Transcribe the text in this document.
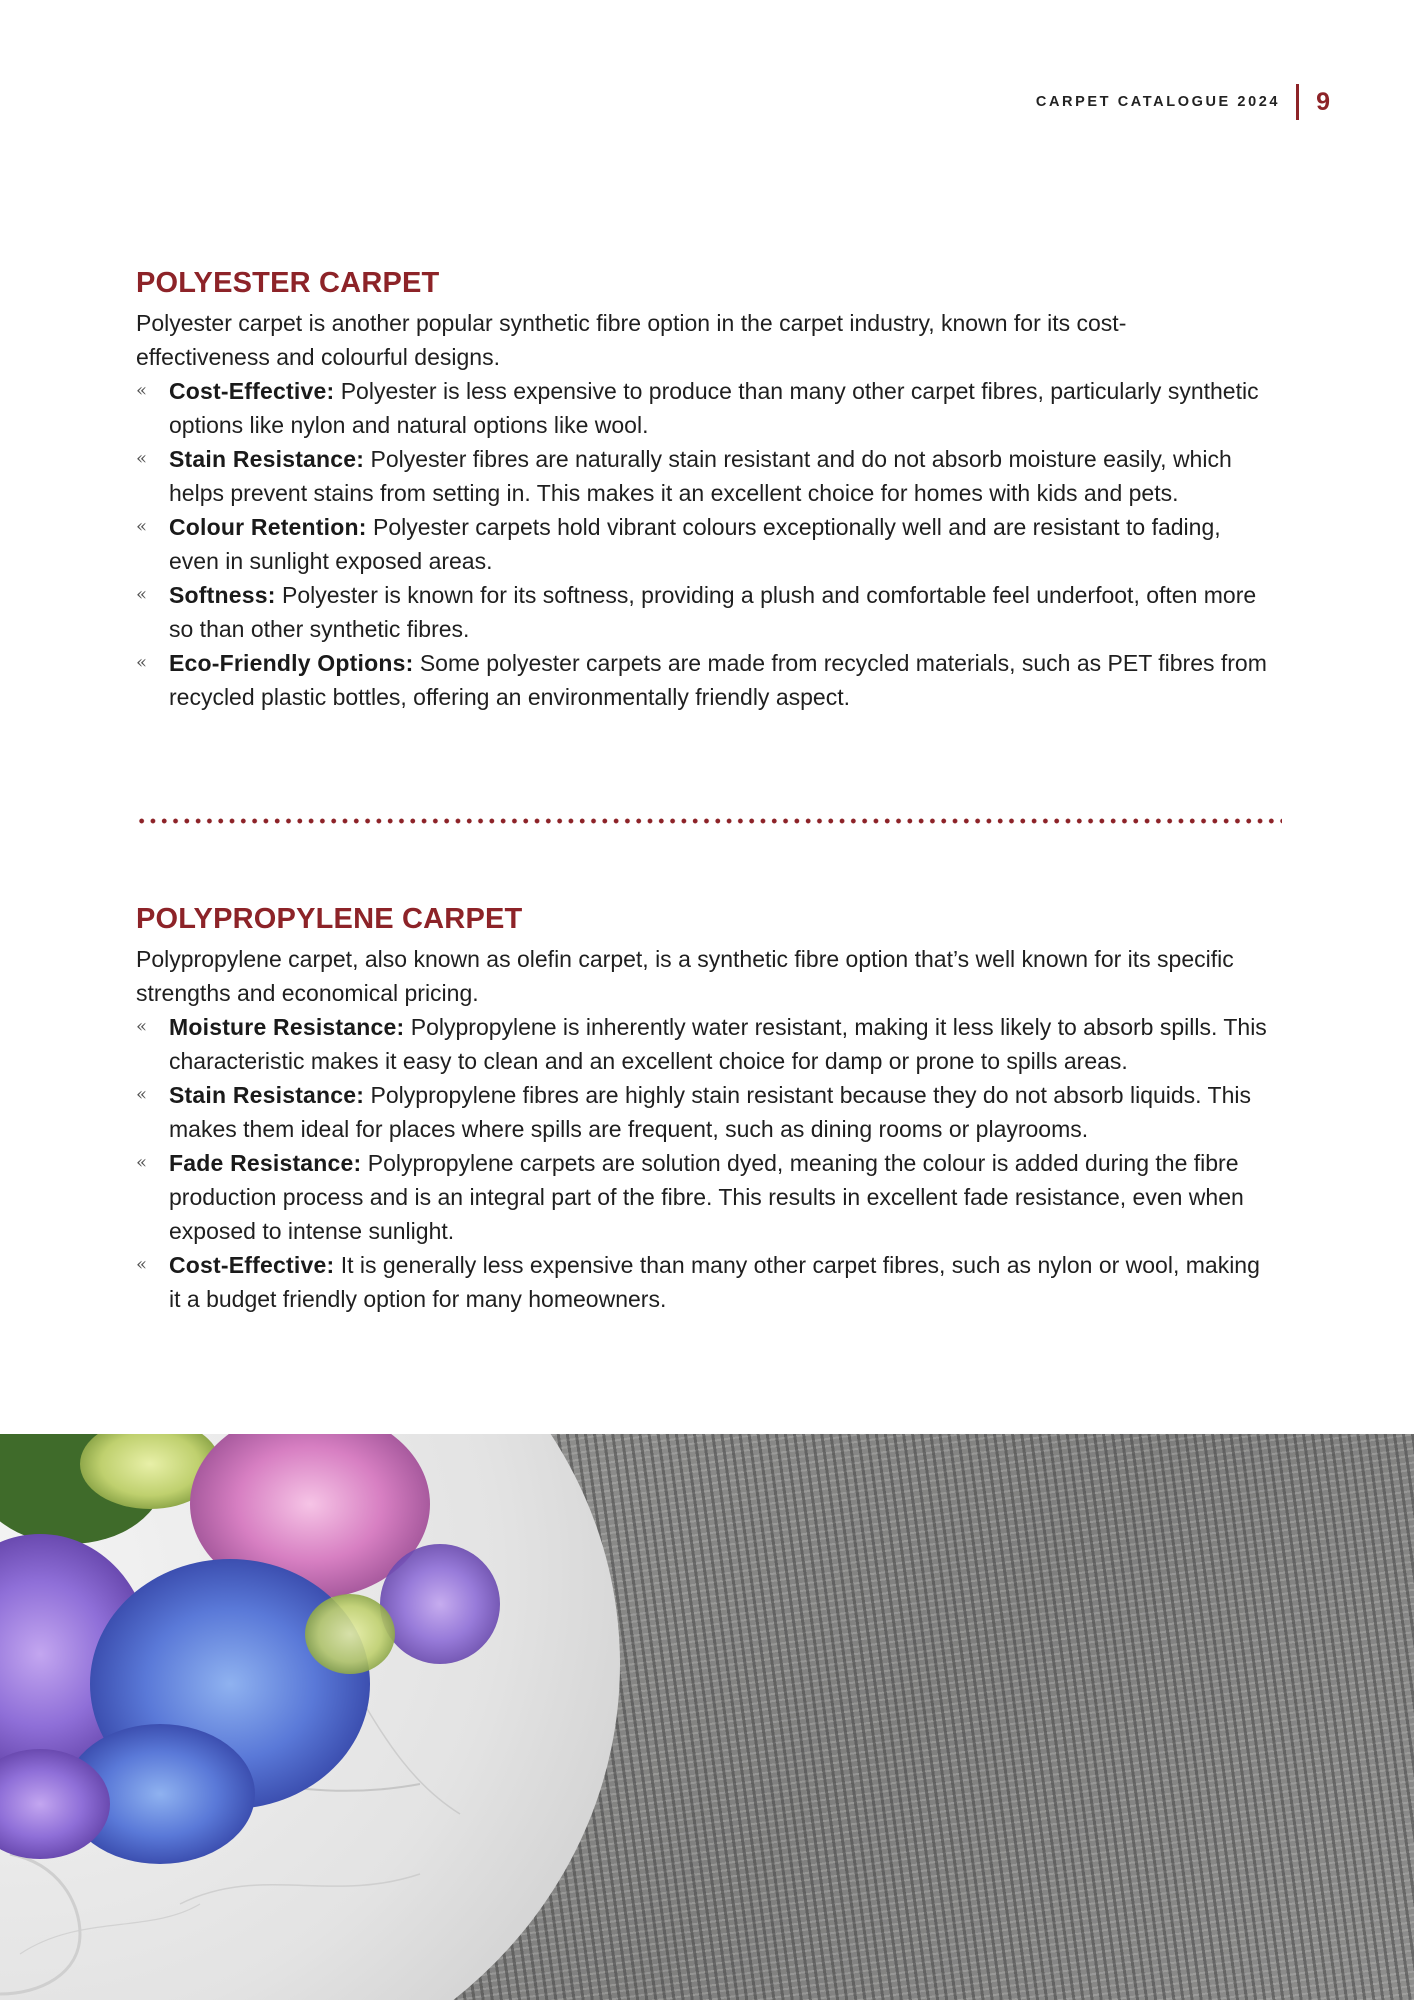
CARPET CATALOGUE 2024	9
POLYESTER CARPET

Polyester carpet is another popular synthetic fibre option in the carpet industry, known for its cost-effectiveness and colourful designs.

« Cost-Effective: Polyester is less expensive to produce than many other carpet fibres, particularly synthetic options like nylon and natural options like wool.
« Stain Resistance: Polyester fibres are naturally stain resistant and do not absorb moisture easily, which helps prevent stains from setting in. This makes it an excellent choice for homes with kids and pets.
« Colour Retention: Polyester carpets hold vibrant colours exceptionally well and are resistant to fading, even in sunlight exposed areas.
« Softness: Polyester is known for its softness, providing a plush and comfortable feel underfoot, often more so than other synthetic fibres.
« Eco-Friendly Options: Some polyester carpets are made from recycled materials, such as PET fibres from recycled plastic bottles, offering an environmentally friendly aspect.
POLYPROPYLENE CARPET

Polypropylene carpet, also known as olefin carpet, is a synthetic fibre option that’s well known for its specific strengths and economical pricing.

« Moisture Resistance: Polypropylene is inherently water resistant, making it less likely to absorb spills. This characteristic makes it easy to clean and an excellent choice for damp or prone to spills areas.
« Stain Resistance: Polypropylene fibres are highly stain resistant because they do not absorb liquids. This makes them ideal for places where spills are frequent, such as dining rooms or playrooms.
« Fade Resistance: Polypropylene carpets are solution dyed, meaning the colour is added during the fibre production process and is an integral part of the fibre. This results in excellent fade resistance, even when exposed to intense sunlight.
« Cost-Effective: It is generally less expensive than many other carpet fibres, such as nylon or wool, making it a budget friendly option for many homeowners.
